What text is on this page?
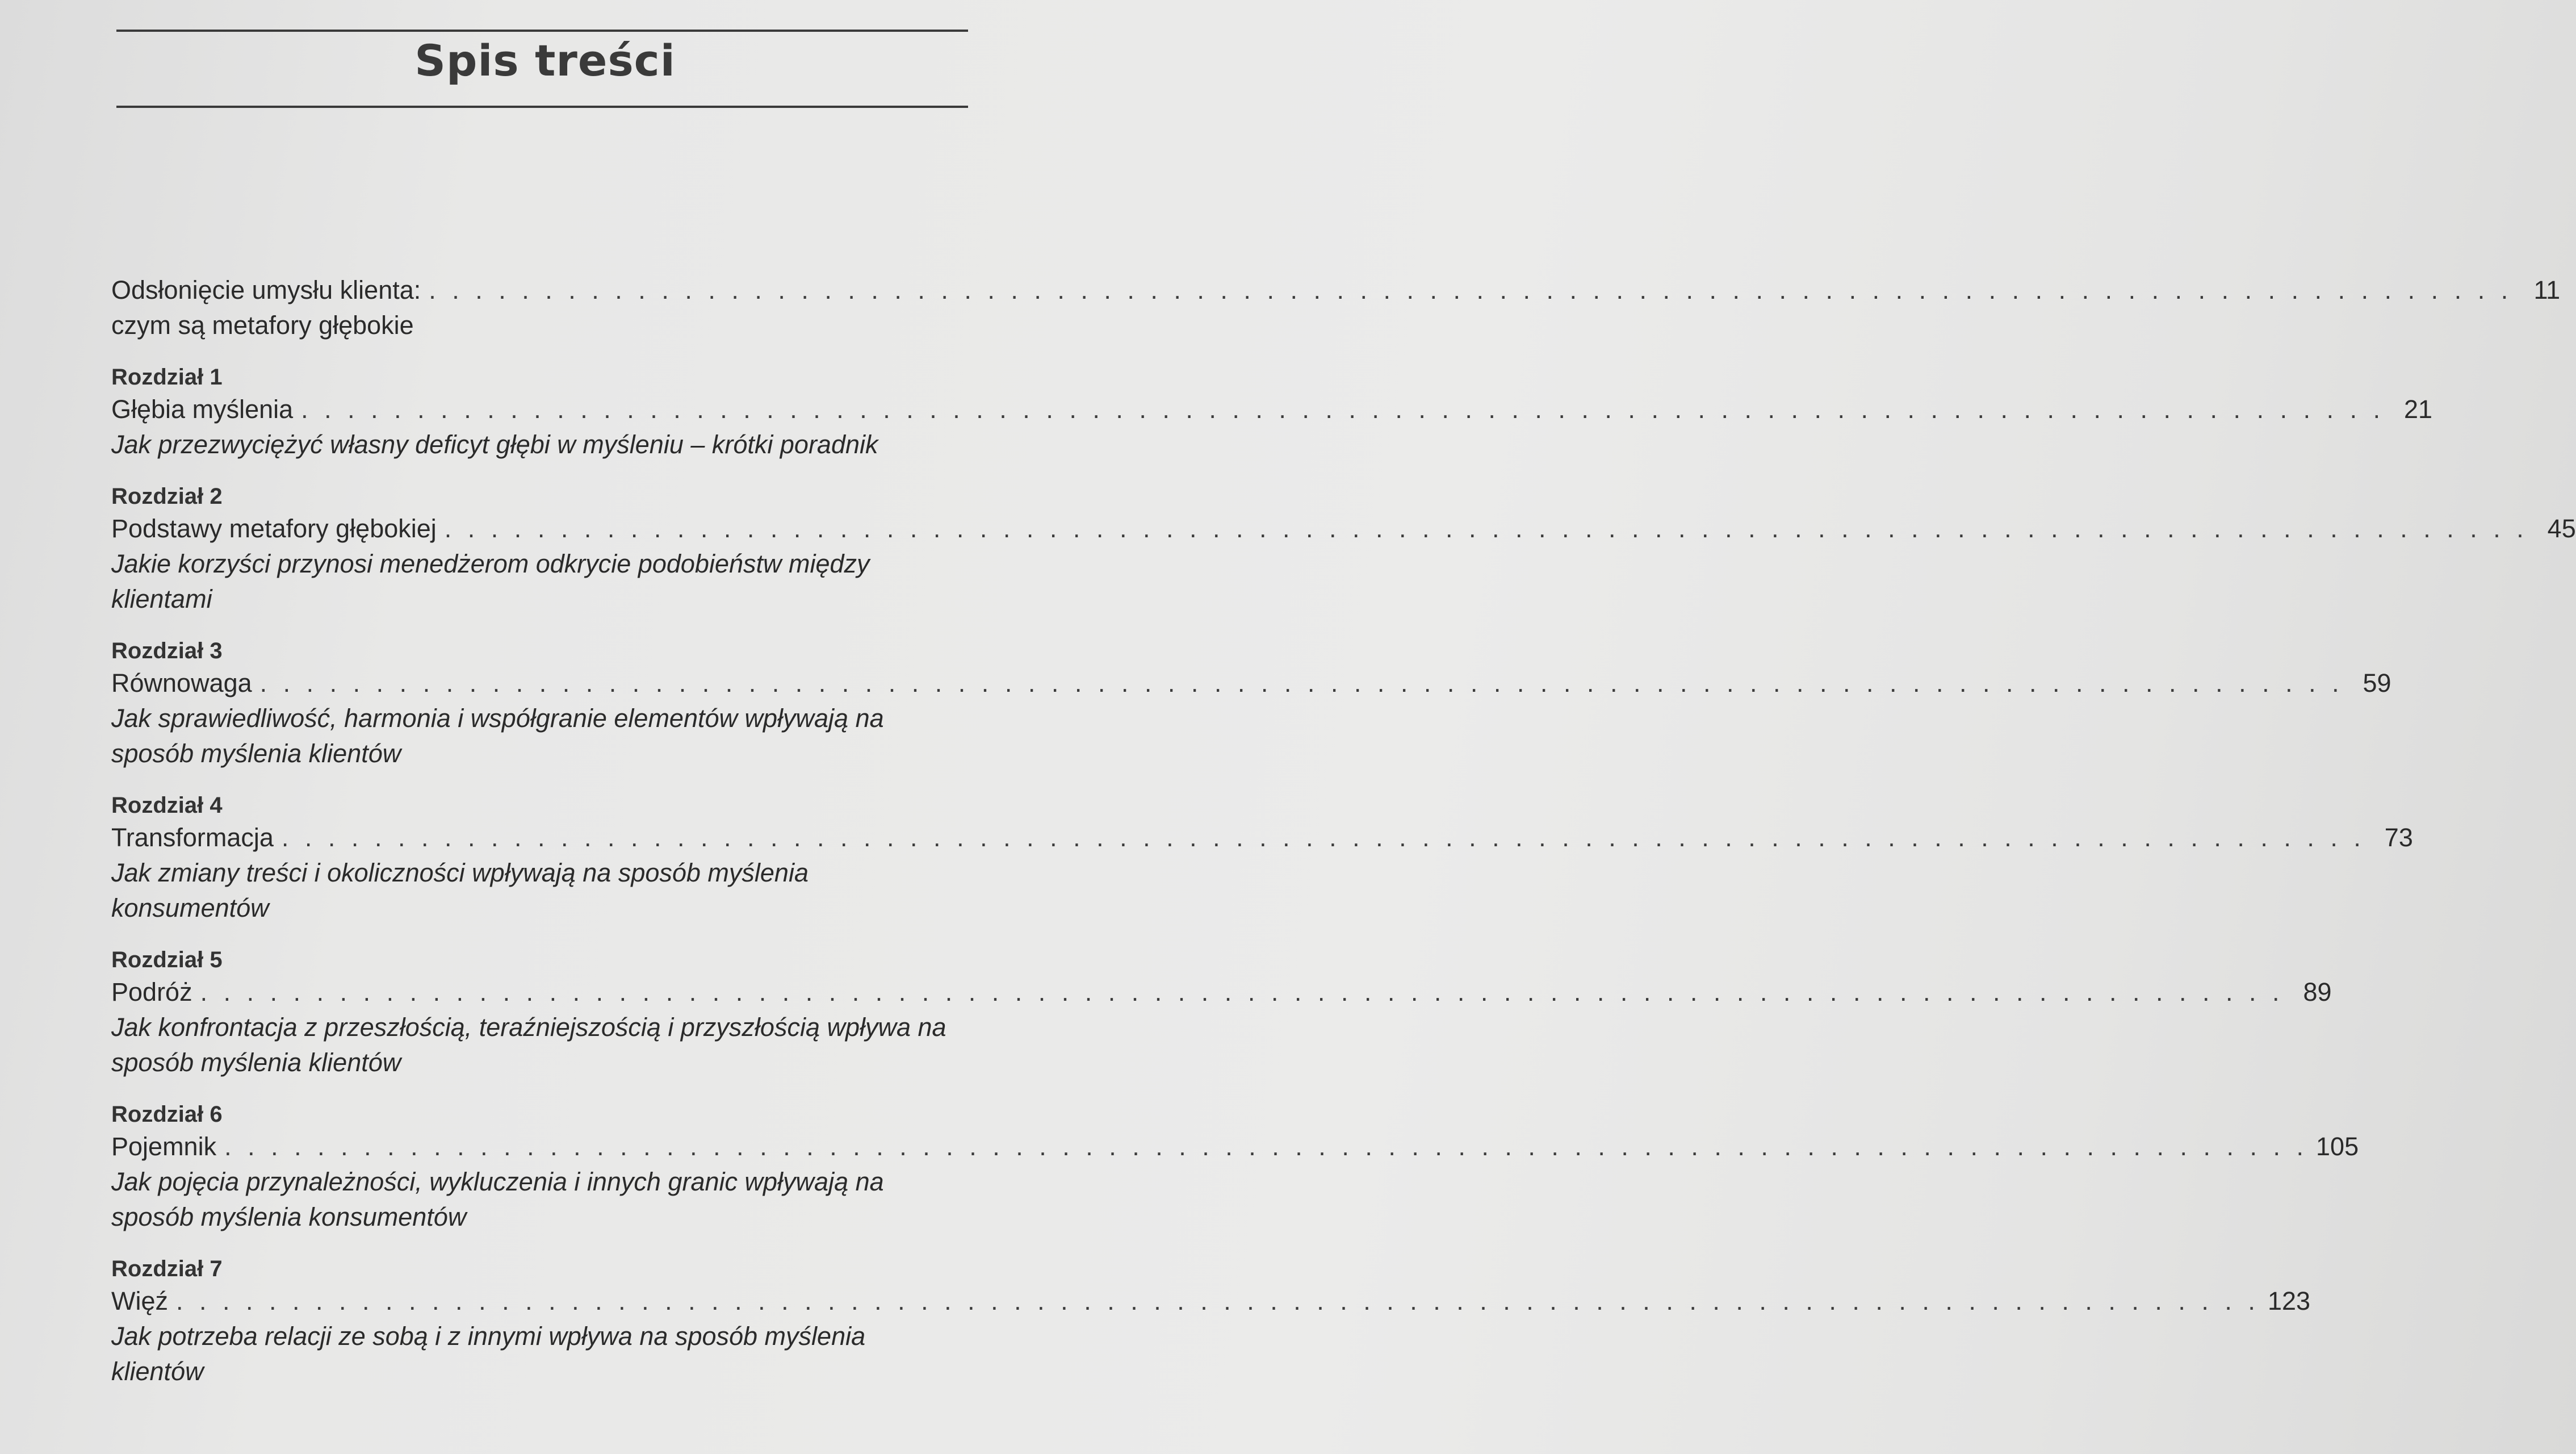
Spis treści
Odsłonięcie umysłu klienta: . . . . . . . . . . . . . . . . . . . . . . . . . . . . . . . . . . . . . . . . . . . . . . . . . . . . . . . . . . . . . . . . . . . . . . . . . . . . . . . . . . . . . . . . . . 11
czym są metafory głębokie
Rozdział 1
Głębia myślenia . . . . . . . . . . . . . . . . . . . . . . . . . . . . . . . . . . . . . . . . . . . . . . . . . . . . . . . . . . . . . . . . . . . . . . . . . . . . . . . . . . . . . . . . . . 21
Jak przezwyciężyć własny deficyt głębi w myśleniu – krótki poradnik
Rozdział 2
Podstawy metafory głębokiej . . . . . . . . . . . . . . . . . . . . . . . . . . . . . . . . . . . . . . . . . . . . . . . . . . . . . . . . . . . . . . . . . . . . . . . . . . . . . . . . . . . . . . . . . . 45
Jakie korzyści przynosi menedżerom odkrycie podobieństw między klientami
Rozdział 3
Równowaga . . . . . . . . . . . . . . . . . . . . . . . . . . . . . . . . . . . . . . . . . . . . . . . . . . . . . . . . . . . . . . . . . . . . . . . . . . . . . . . . . . . . . . . . . . 59
Jak sprawiedliwość, harmonia i współgranie elementów wpływają na sposób myślenia klientów
Rozdział 4
Transformacja . . . . . . . . . . . . . . . . . . . . . . . . . . . . . . . . . . . . . . . . . . . . . . . . . . . . . . . . . . . . . . . . . . . . . . . . . . . . . . . . . . . . . . . . . . 73
Jak zmiany treści i okoliczności wpływają na sposób myślenia konsumentów
Rozdział 5
Podróż . . . . . . . . . . . . . . . . . . . . . . . . . . . . . . . . . . . . . . . . . . . . . . . . . . . . . . . . . . . . . . . . . . . . . . . . . . . . . . . . . . . . . . . . . . 89
Jak konfrontacja z przeszłością, teraźniejszością i przyszłością wpływa na sposób myślenia klientów
Rozdział 6
Pojemnik . . . . . . . . . . . . . . . . . . . . . . . . . . . . . . . . . . . . . . . . . . . . . . . . . . . . . . . . . . . . . . . . . . . . . . . . . . . . . . . . . . . . . . . . . . 105
Jak pojęcia przynależności, wykluczenia i innych granic wpływają na sposób myślenia konsumentów
Rozdział 7
Więź . . . . . . . . . . . . . . . . . . . . . . . . . . . . . . . . . . . . . . . . . . . . . . . . . . . . . . . . . . . . . . . . . . . . . . . . . . . . . . . . . . . . . . . . . . 123
Jak potrzeba relacji ze sobą i z innymi wpływa na sposób myślenia klientów
